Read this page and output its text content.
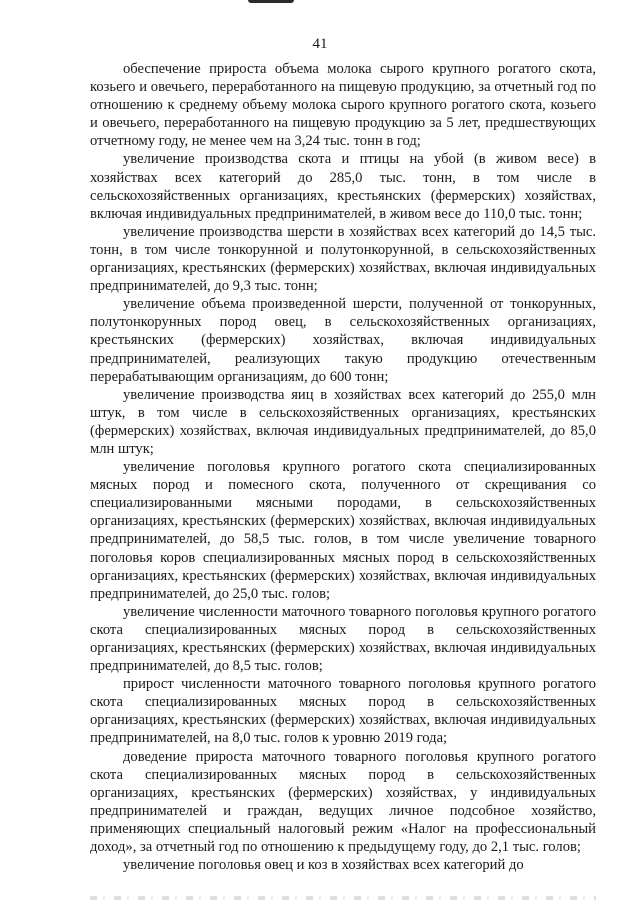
41

обеспечение прироста объема молока сырого крупного рогатого скота, козьего и овечьего, переработанного на пищевую продукцию, за отчетный год по отношению к среднему объему молока сырого крупного рогатого скота, козьего и овечьего, переработанного на пищевую продукцию за 5 лет, предшествующих отчетному году, не менее чем на 3,24 тыс. тонн в год;

увеличение производства скота и птицы на убой (в живом весе) в хозяйствах всех категорий до 285,0 тыс. тонн, в том числе в сельскохозяйственных организациях, крестьянских (фермерских) хозяйствах, включая индивидуальных предпринимателей, в живом весе до 110,0 тыс. тонн;

увеличение производства шерсти в хозяйствах всех категорий до 14,5 тыс. тонн, в том числе тонкорунной и полутонкорунной, в сельскохозяйственных организациях, крестьянских (фермерских) хозяйствах, включая индивидуальных предпринимателей, до 9,3 тыс. тонн;

увеличение объема произведенной шерсти, полученной от тонкорунных, полутонкорунных пород овец, в сельскохозяйственных организациях, крестьянских (фермерских) хозяйствах, включая индивидуальных предпринимателей, реализующих такую продукцию отечественным перерабатывающим организациям, до 600 тонн;

увеличение производства яиц в хозяйствах всех категорий до 255,0 млн штук, в том числе в сельскохозяйственных организациях, крестьянских (фермерских) хозяйствах, включая индивидуальных предпринимателей, до 85,0 млн штук;

увеличение поголовья крупного рогатого скота специализированных мясных пород и помесного скота, полученного от скрещивания со специализированными мясными породами, в сельскохозяйственных организациях, крестьянских (фермерских) хозяйствах, включая индивидуальных предпринимателей, до 58,5 тыс. голов, в том числе увеличение товарного поголовья коров специализированных мясных пород в сельскохозяйственных организациях, крестьянских (фермерских) хозяйствах, включая индивидуальных предпринимателей, до 25,0 тыс. голов;

увеличение численности маточного товарного поголовья крупного рогатого скота специализированных мясных пород в сельскохозяйственных организациях, крестьянских (фермерских) хозяйствах, включая индивидуальных предпринимателей, до 8,5 тыс. голов;

прирост численности маточного товарного поголовья крупного рогатого скота специализированных мясных пород в сельскохозяйственных организациях, крестьянских (фермерских) хозяйствах, включая индивидуальных предпринимателей, на 8,0 тыс. голов к уровню 2019 года;

доведение прироста маточного товарного поголовья крупного рогатого скота специализированных мясных пород в сельскохозяйственных организациях, крестьянских (фермерских) хозяйствах, у индивидуальных предпринимателей и граждан, ведущих личное подсобное хозяйство, применяющих специальный налоговый режим «Налог на профессиональный доход», за отчетный год по отношению к предыдущему году, до 2,1 тыс. голов;

увеличение поголовья овец и коз в хозяйствах всех категорий до
